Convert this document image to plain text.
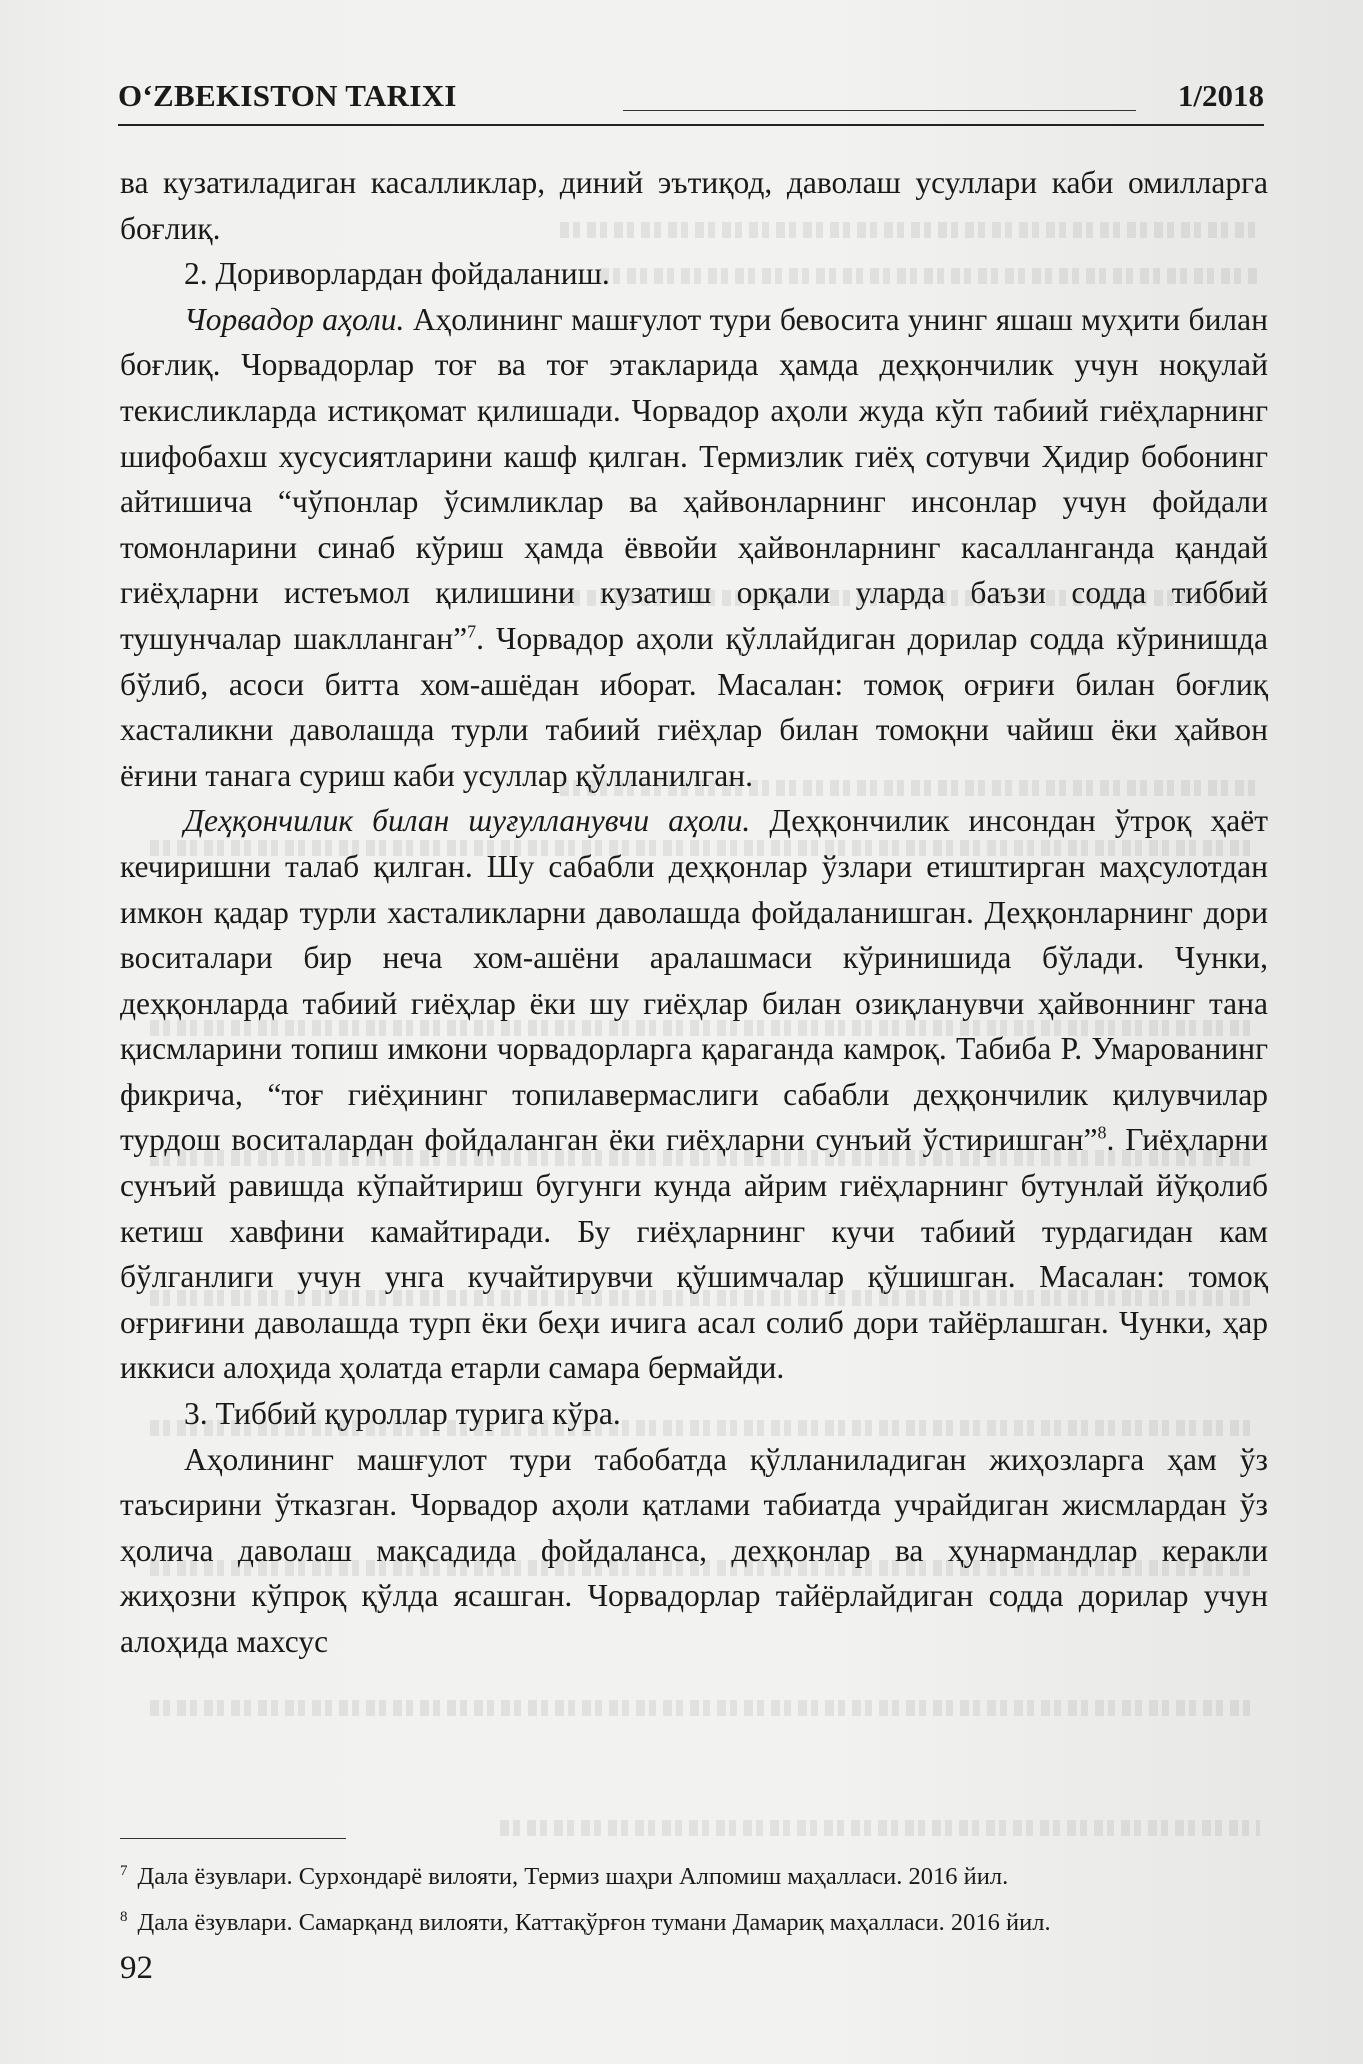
O‘ZBEKISTON TARIXI	1/2018

ва кузатиладиган касалликлар, диний эътиқод, даволаш усуллари каби омилларга боғлиқ.

2. Дориворлардан фойдаланиш.

Чорвадор аҳоли. Аҳолининг машғулот тури бевосита унинг яшаш муҳити билан боғлиқ. Чорвадорлар тоғ ва тоғ этакларида ҳамда деҳқончилик учун ноқулай текисликларда истиқомат қилишади. Чорвадор аҳоли жуда кўп табиий гиёҳларнинг шифобахш хусусиятларини кашф қилган. Термизлик гиёҳ сотувчи Ҳидир бобонинг айтишича “чўпонлар ўсимликлар ва ҳайвонларнинг инсонлар учун фойдали томонларини синаб кўриш ҳамда ёввойи ҳайвонларнинг касалланганда қандай гиёҳларни истеъмол қилишини кузатиш орқали уларда баъзи содда тиббий тушунчалар шаклланган”$^7$. Чорвадор аҳоли қўллайдиган дорилар содда кўринишда бўлиб, асоси битта хом-ашёдан иборат. Масалан: томоқ оғриғи билан боғлиқ хасталикни даволашда турли табиий гиёҳлар билан томоқни чайиш ёки ҳайвон ёғини танага суриш каби усуллар қўлланилган.

Деҳқончилик билан шуғулланувчи аҳоли. Деҳқончилик инсондан ўтроқ ҳаёт кечиришни талаб қилган. Шу сабабли деҳқонлар ўзлари етиштирган маҳсулотдан имкон қадар турли хасталикларни даволашда фойдаланишган. Деҳқонларнинг дори воситалари бир неча хом-ашёни аралашмаси кўринишида бўлади. Чунки, деҳқонларда табиий гиёҳлар ёки шу гиёҳлар билан озиқланувчи ҳайвоннинг тана қисмларини топиш имкони чорвадорларга қараганда камроқ. Табиба Р. Умарованинг фикрича, “тоғ гиёҳининг топилавермаслиги сабабли деҳқончилик қилувчилар турдош воситалардан фойдаланган ёки гиёҳларни сунъий ўстиришган”$^8$. Гиёҳларни сунъий равишда кўпайтириш бугунги кунда айрим гиёҳларнинг бутунлай йўқолиб кетиш хавфини камайтиради. Бу гиёҳларнинг кучи табиий турдагидан кам бўлганлиги учун унга кучайтирувчи қўшимчалар қўшишган. Масалан: томоқ оғриғини даволашда турп ёки беҳи ичига асал солиб дори тайёрлашган. Чунки, ҳар иккиси алоҳида ҳолатда етарли самара бермайди.

3. Тиббий қуроллар турига кўра.

Аҳолининг машғулот тури табобатда қўлланиладиган жиҳозларга ҳам ўз таъсирини ўтказган. Чорвадор аҳоли қатлами табиатда учрайдиган жисмлардан ўз ҳолича даволаш мақсадида фойдаланса, деҳқонлар ва ҳунармандлар керакли жиҳозни кўпроқ қўлда ясашган. Чорвадорлар тайёрлайдиган содда дорилар учун алоҳида махсус

$^7$ Дала ёзувлари. Сурхондарё вилояти, Термиз шаҳри Алпомиш маҳалласи. 2016 йил.

$^8$ Дала ёзувлари. Самарқанд вилояти, Каттақўрғон тумани Дамариқ маҳалласи. 2016 йил.

92
